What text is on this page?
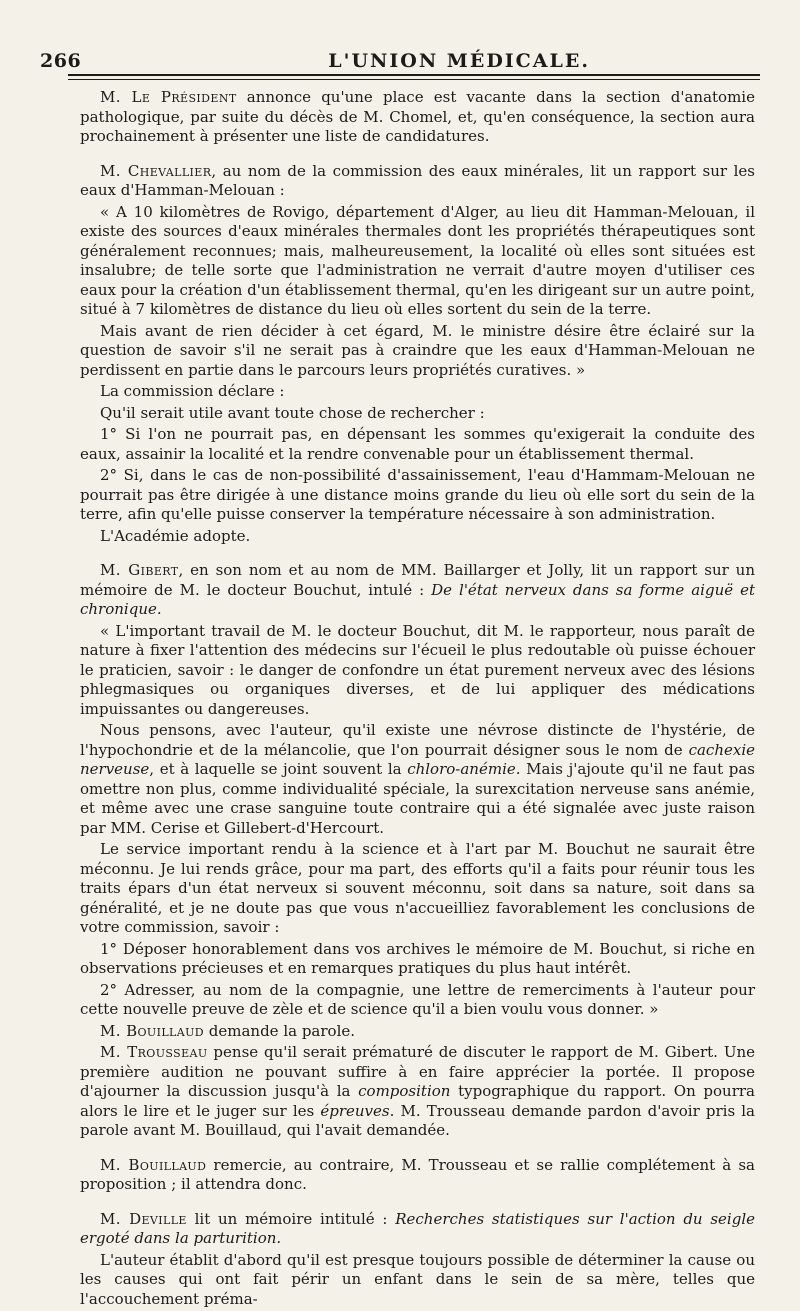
266	L'UNION MÉDICALE.

M. Le Président annonce qu'une place est vacante dans la section d'anatomie pathologique, par suite du décès de M. Chomel, et, qu'en conséquence, la section aura prochainement à présenter une liste de candidatures.

M. Chevallier, au nom de la commission des eaux minérales, lit un rapport sur les eaux d'Hamman-Melouan :

« A 10 kilomètres de Rovigo, département d'Alger, au lieu dit Hamman-Melouan, il existe des sources d'eaux minérales thermales dont les propriétés thérapeutiques sont généralement reconnues; mais, malheureusement, la localité où elles sont situées est insalubre; de telle sorte que l'administration ne verrait d'autre moyen d'utiliser ces eaux pour la création d'un établissement thermal, qu'en les dirigeant sur un autre point, situé à 7 kilomètres de distance du lieu où elles sortent du sein de la terre.

Mais avant de rien décider à cet égard, M. le ministre désire être éclairé sur la question de savoir s'il ne serait pas à craindre que les eaux d'Hamman-Melouan ne perdissent en partie dans le parcours leurs propriétés curatives. »

La commission déclare :

Qu'il serait utile avant toute chose de rechercher :

1° Si l'on ne pourrait pas, en dépensant les sommes qu'exigerait la conduite des eaux, assainir la localité et la rendre convenable pour un établissement thermal.

2° Si, dans le cas de non-possibilité d'assainissement, l'eau d'Hammam-Melouan ne pourrait pas être dirigée à une distance moins grande du lieu où elle sort du sein de la terre, afin qu'elle puisse conserver la température nécessaire à son administration.

L'Académie adopte.

M. Gibert, en son nom et au nom de MM. Baillarger et Jolly, lit un rapport sur un mémoire de M. le docteur Bouchut, intulé : De l'état nerveux dans sa forme aiguë et chronique.

« L'important travail de M. le docteur Bouchut, dit M. le rapporteur, nous paraît de nature à fixer l'attention des médecins sur l'écueil le plus redoutable où puisse échouer le praticien, savoir : le danger de confondre un état purement nerveux avec des lésions phlegmasiques ou organiques diverses, et de lui appliquer des médications impuissantes ou dangereuses.

Nous pensons, avec l'auteur, qu'il existe une névrose distincte de l'hystérie, de l'hypochondrie et de la mélancolie, que l'on pourrait désigner sous le nom de cachexie nerveuse, et à laquelle se joint souvent la chloro-anémie. Mais j'ajoute qu'il ne faut pas omettre non plus, comme individualité spéciale, la surexcitation nerveuse sans anémie, et même avec une crase sanguine toute contraire qui a été signalée avec juste raison par MM. Cerise et Gillebert-d'Hercourt.

Le service important rendu à la science et à l'art par M. Bouchut ne saurait être méconnu. Je lui rends grâce, pour ma part, des efforts qu'il a faits pour réunir tous les traits épars d'un état nerveux si souvent méconnu, soit dans sa nature, soit dans sa généralité, et je ne doute pas que vous n'accueilliez favorablement les conclusions de votre commission, savoir :

1° Déposer honorablement dans vos archives le mémoire de M. Bouchut, si riche en observations précieuses et en remarques pratiques du plus haut intérêt.

2° Adresser, au nom de la compagnie, une lettre de remerciments à l'auteur pour cette nouvelle preuve de zèle et de science qu'il a bien voulu vous donner. »

M. Bouillaud demande la parole.

M. Trousseau pense qu'il serait prématuré de discuter le rapport de M. Gibert. Une première audition ne pouvant suffire à en faire apprécier la portée. Il propose d'ajourner la discussion jusqu'à la composition typographique du rapport. On pourra alors le lire et le juger sur les épreuves. M. Trousseau demande pardon d'avoir pris la parole avant M. Bouillaud, qui l'avait demandée.

M. Bouillaud remercie, au contraire, M. Trousseau et se rallie complétement à sa proposition ; il attendra donc.

M. Deville lit un mémoire intitulé : Recherches statistiques sur l'action du seigle ergoté dans la parturition.

L'auteur établit d'abord qu'il est presque toujours possible de déterminer la cause ou les causes qui ont fait périr un enfant dans le sein de sa mère, telles que l'accouchement préma-
